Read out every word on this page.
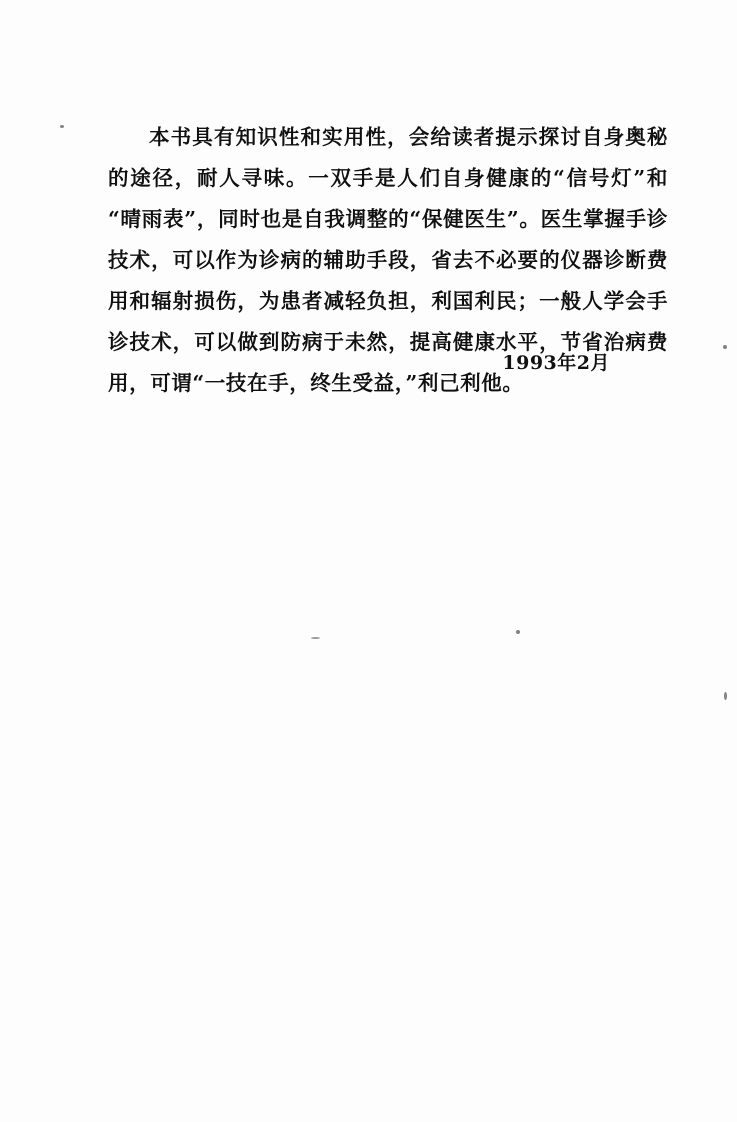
本书具有知识性和实用性，会给读者提示探讨自身奥秘的途径，耐人寻味。一双手是人们自身健康的“信号灯”和“晴雨表”，同时也是自我调整的“保健医生”。医生掌握手诊技术，可以作为诊病的辅助手段，省去不必要的仪器诊断费用和辐射损伤，为患者减轻负担，利国利民；一般人学会手诊技术，可以做到防病于未然，提高健康水平，节省治病费用，可谓“一技在手，终生受益，”利己利他。

1993年2月
